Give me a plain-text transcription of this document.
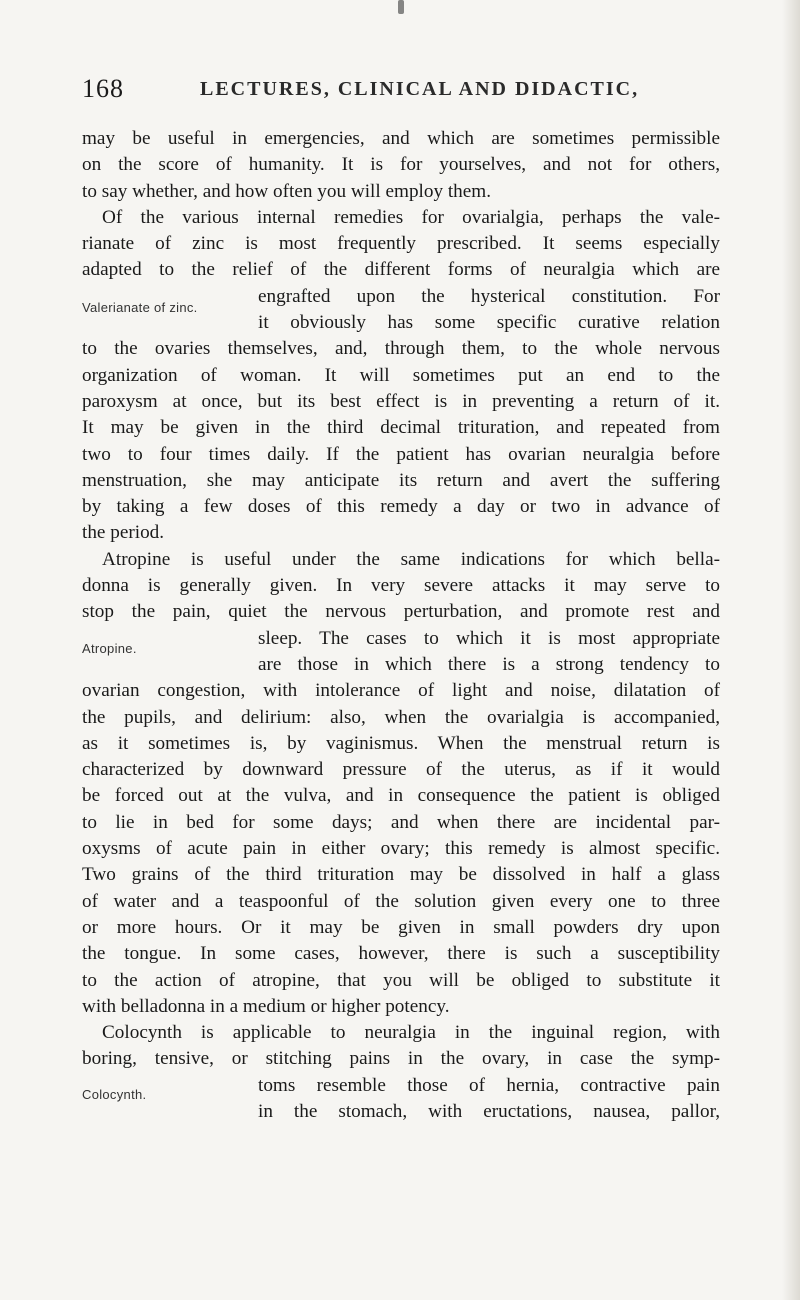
168	LECTURES, CLINICAL AND DIDACTIC,
may be useful in emergencies, and which are sometimes permissible
on the score of humanity. It is for yourselves, and not for others,
to say whether, and how often you will employ them.
Of the various internal remedies for ovarialgia, perhaps the vale-
rianate of zinc is most frequently prescribed. It seems especially
adapted to the relief of the different forms of neuralgia which are
engrafted upon the hysterical constitution. For
it obviously has some specific curative relation
to the ovaries themselves, and, through them, to the whole nervous
organization of woman. It will sometimes put an end to the
paroxysm at once, but its best effect is in preventing a return of it.
It may be given in the third decimal trituration, and repeated from
two to four times daily. If the patient has ovarian neuralgia before
menstruation, she may anticipate its return and avert the suffering
by taking a few doses of this remedy a day or two in advance of
the period.
Atropine is useful under the same indications for which bella-
donna is generally given. In very severe attacks it may serve to
stop the pain, quiet the nervous perturbation, and promote rest and
sleep. The cases to which it is most appropriate
are those in which there is a strong tendency to
ovarian congestion, with intolerance of light and noise, dilatation of
the pupils, and delirium: also, when the ovarialgia is accompanied,
as it sometimes is, by vaginismus. When the menstrual return is
characterized by downward pressure of the uterus, as if it would
be forced out at the vulva, and in consequence the patient is obliged
to lie in bed for some days; and when there are incidental par-
oxysms of acute pain in either ovary; this remedy is almost specific.
Two grains of the third trituration may be dissolved in half a glass
of water and a teaspoonful of the solution given every one to three
or more hours. Or it may be given in small powders dry upon
the tongue. In some cases, however, there is such a susceptibility
to the action of atropine, that you will be obliged to substitute it
with belladonna in a medium or higher potency.
Colocynth is applicable to neuralgia in the inguinal region, with
boring, tensive, or stitching pains in the ovary, in case the symp-
toms resemble those of hernia, contractive pain
in the stomach, with eructations, nausea, pallor,
Valerianate of zinc.
Atropine.
Colocynth.
